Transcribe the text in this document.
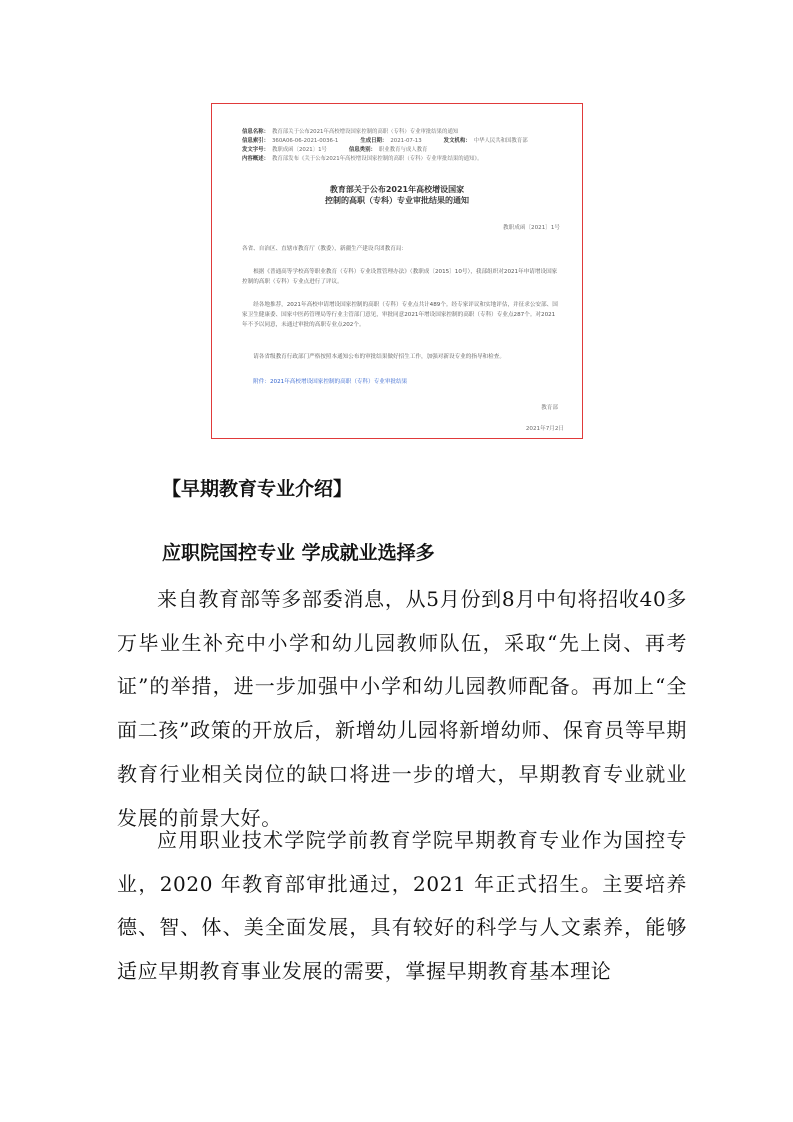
信息名称： 教育部关于公布2021年高校增设国家控制的高职（专科）专业审批结果的通知
信息索引： 360A06-06-2021-0036-1	生成日期： 2021-07-13	发文机构： 中华人民共和国教育部
发文字号： 教职成函〔2021〕1号	信息类别： 职业教育与成人教育
内容概述： 教育部发布《关于公布2021年高校增设国家控制的高职（专科）专业审批结果的通知》。
教育部关于公布2021年高校增设国家
控制的高职（专科）专业审批结果的通知
教职成函〔2021〕1号
各省、自治区、直辖市教育厅（教委），新疆生产建设兵团教育局：
根据《普通高等学校高等职业教育（专科）专业设置管理办法》（教职成〔2015〕10号），我部组织对2021年申请增设国家控制的高职（专科）专业点进行了评议。
经各地推荐，2021年高校申请增设国家控制的高职（专科）专业点共计489个。经专家评议和实地评估，并征求公安部、国家卫生健康委、国家中医药管理局等行业主管部门意见，审批同意2021年增设国家控制的高职（专科）专业点287个。对2021年不予以同意，未通过审批的高职专业点202个。
请各省级教育行政部门严格按照本通知公布的审批结果做好招生工作，加强对新设专业的指导和检查。
附件：2021年高校增设国家控制的高职（专科）专业审批结果
教育部
2021年7月2日
【早期教育专业介绍】
应职院国控专业 学成就业选择多
来自教育部等多部委消息，从5月份到8月中旬将招收40多万毕业生补充中小学和幼儿园教师队伍，采取“先上岗、再考证”的举措，进一步加强中小学和幼儿园教师配备。再加上“全面二孩”政策的开放后，新增幼儿园将新增幼师、保育员等早期教育行业相关岗位的缺口将进一步的增大，早期教育专业就业发展的前景大好。
应用职业技术学院学前教育学院早期教育专业作为国控专业，2020 年教育部审批通过，2021 年正式招生。主要培养德、智、体、美全面发展，具有较好的科学与人文素养，能够适应早期教育事业发展的需要，掌握早期教育基本理论
